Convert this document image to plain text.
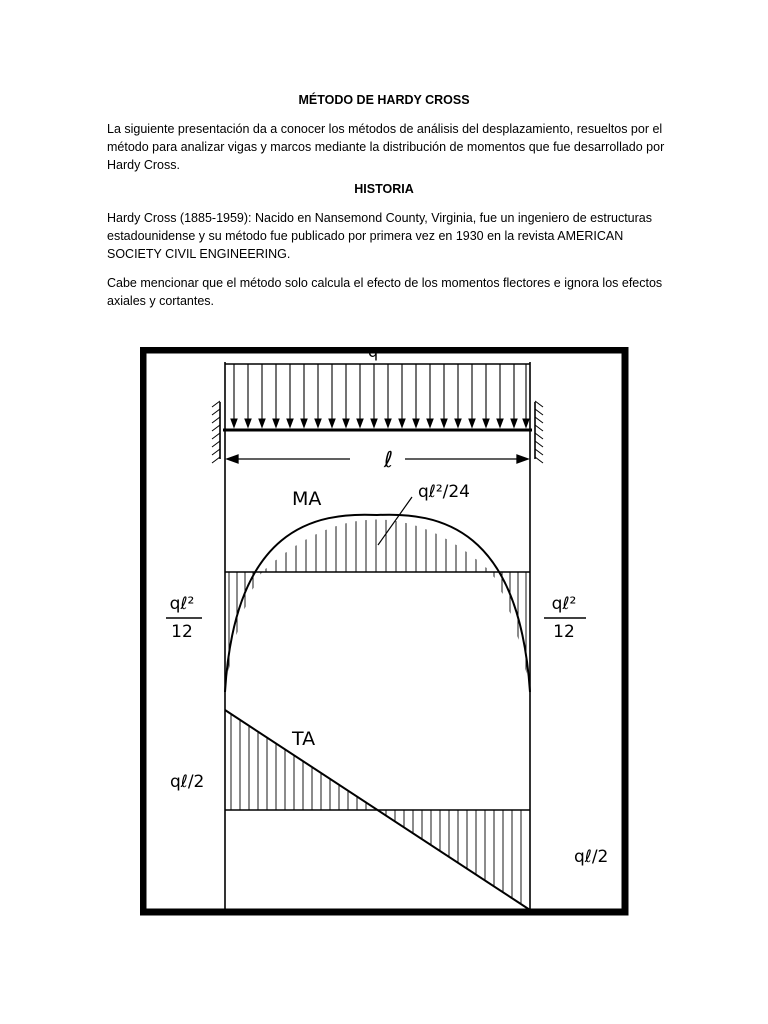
MÉTODO DE HARDY CROSS

La siguiente presentación da a conocer los métodos de análisis del desplazamiento, resueltos por el método para analizar vigas y marcos mediante la distribución de momentos que fue desarrollado por Hardy Cross.

HISTORIA

Hardy Cross (1885-1959): Nacido en Nansemond County, Virginia, fue un ingeniero de estructuras estadounidense y su método fue publicado por primera vez en 1930 en la revista AMERICAN SOCIETY CIVIL ENGINEERING.

Cabe mencionar que el método solo calcula el efecto de los momentos flectores e ignora los efectos axiales y cortantes.

q
ℓ
MA	qℓ²/24
qℓ²
12
qℓ²
12
TA
qℓ/2
qℓ/2
